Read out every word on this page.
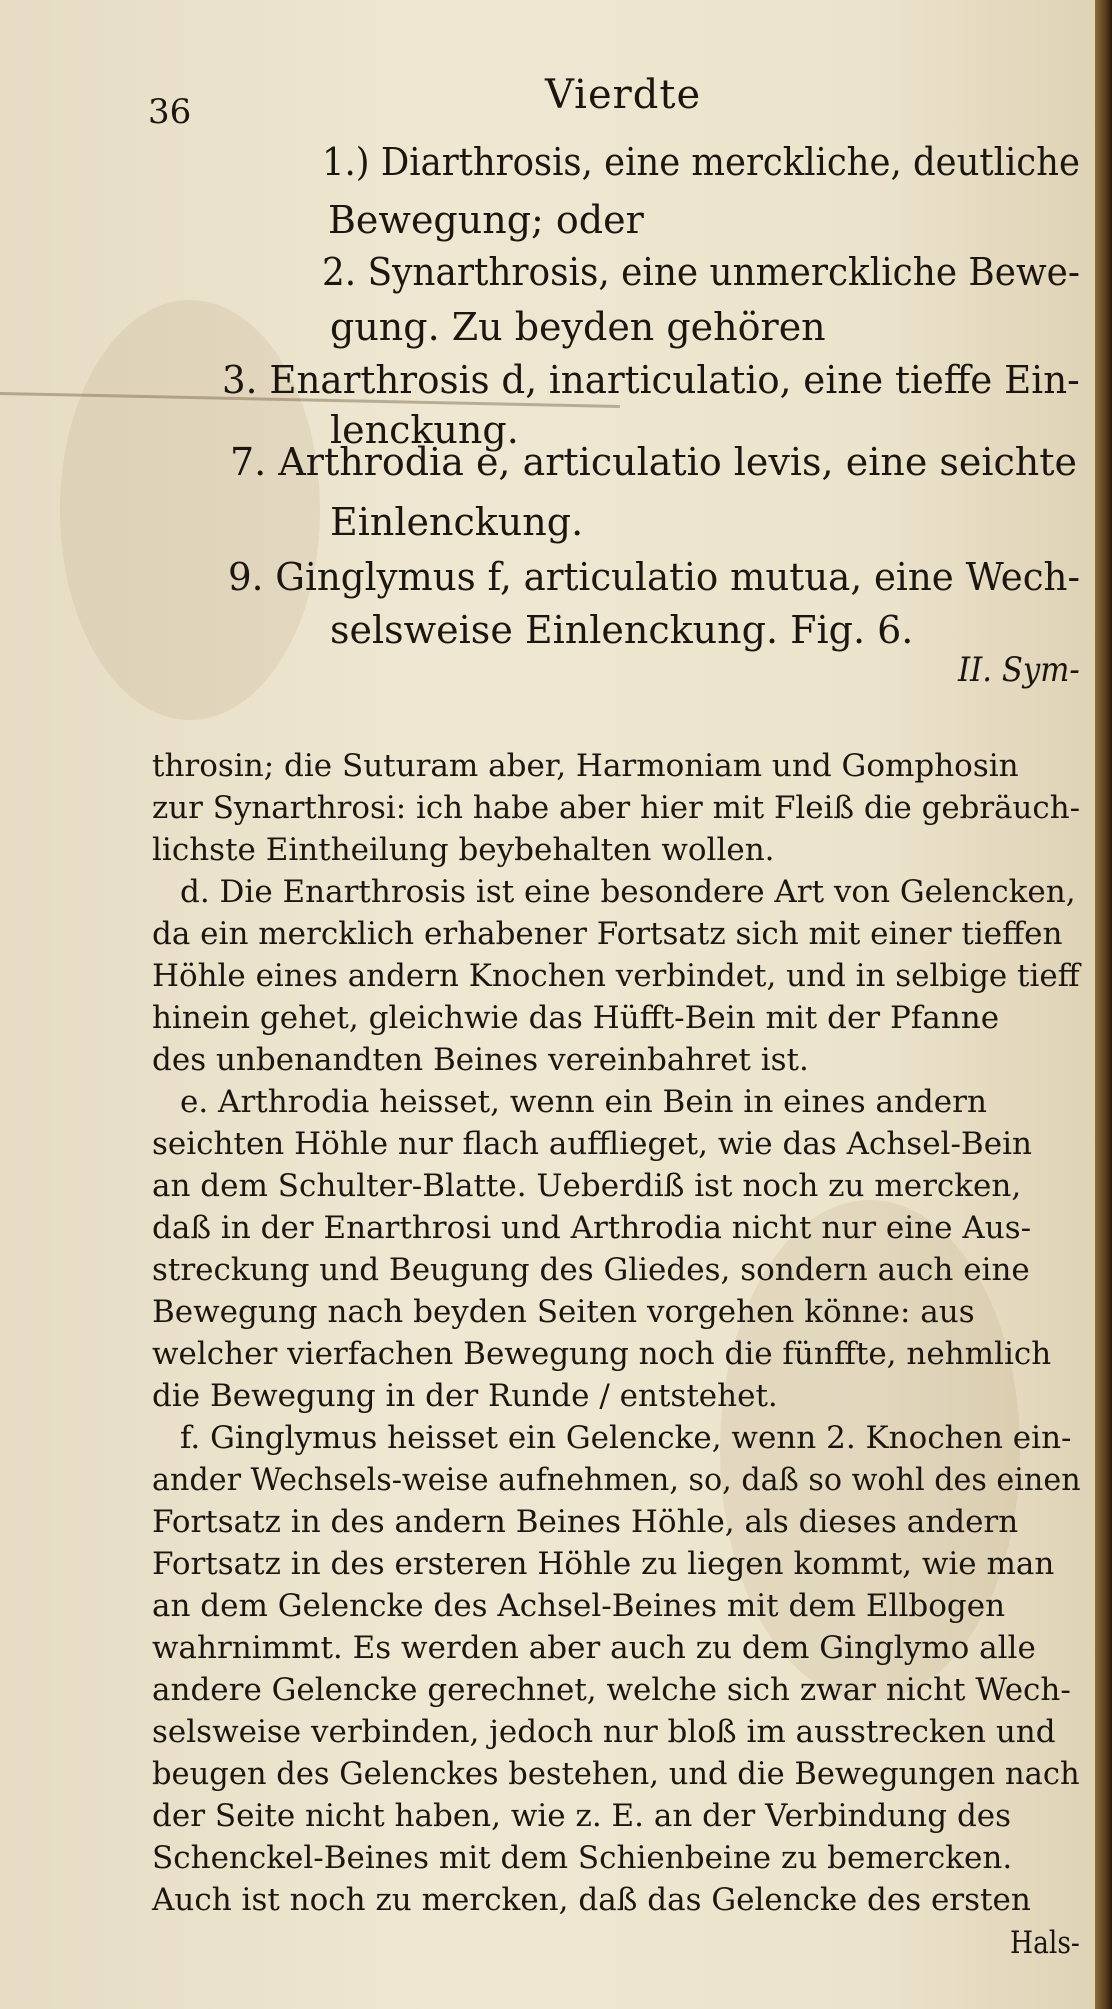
36	Vierdte
1.) Diarthrosis, eine merckliche, deutliche
Bewegung; oder
2. Synarthrosis, eine unmerckliche Bewe-
gung. Zu beyden gehören
3. Enarthrosis d, inarticulatio, eine tieffe Ein-
lenckung.
7. Arthrodia e, articulatio levis, eine seichte
Einlenckung.
9. Ginglymus f, articulatio mutua, eine Wech-
selsweise Einlenckung. Fig. 6.
II. Sym-
throsin; die Suturam aber, Harmoniam und Gomphosin
zur Synarthrosi: ich habe aber hier mit Fleiß die gebräuch-
lichste Eintheilung beybehalten wollen.
d. Die Enarthrosis ist eine besondere Art von Gelencken,
da ein mercklich erhabener Fortsatz sich mit einer tieffen
Höhle eines andern Knochen verbindet, und in selbige tieff
hinein gehet, gleichwie das Hüfft-Bein mit der Pfanne
des unbenandten Beines vereinbahret ist.
e. Arthrodia heisset, wenn ein Bein in eines andern
seichten Höhle nur flach aufflieget, wie das Achsel-Bein
an dem Schulter-Blatte. Ueberdiß ist noch zu mercken,
daß in der Enarthrosi und Arthrodia nicht nur eine Aus-
streckung und Beugung des Gliedes, sondern auch eine
Bewegung nach beyden Seiten vorgehen könne: aus
welcher vierfachen Bewegung noch die fünffte, nehmlich
die Bewegung in der Runde / entstehet.
f. Ginglymus heisset ein Gelencke, wenn 2. Knochen ein-
ander Wechsels-weise aufnehmen, so, daß so wohl des einen
Fortsatz in des andern Beines Höhle, als dieses andern
Fortsatz in des ersteren Höhle zu liegen kommt, wie man
an dem Gelencke des Achsel-Beines mit dem Ellbogen
wahrnimmt. Es werden aber auch zu dem Ginglymo alle
andere Gelencke gerechnet, welche sich zwar nicht Wech-
selsweise verbinden, jedoch nur bloß im ausstrecken und
beugen des Gelenckes bestehen, und die Bewegungen nach
der Seite nicht haben, wie z. E. an der Verbindung des
Schenckel-Beines mit dem Schienbeine zu bemercken.
Auch ist noch zu mercken, daß das Gelencke des ersten
Hals-
